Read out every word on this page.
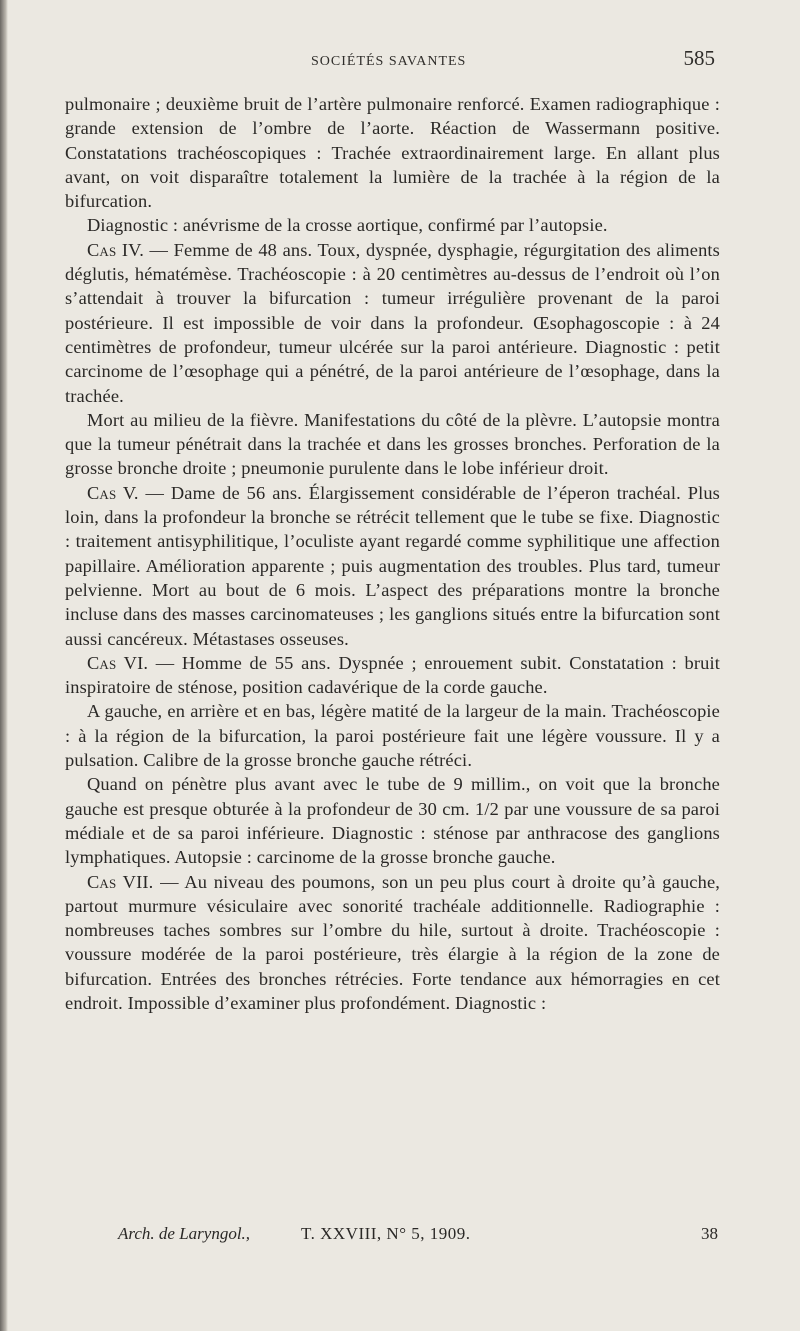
SOCIÉTÉS SAVANTES	585

pulmonaire ; deuxième bruit de l’artère pulmonaire renforcé. Examen radiographique : grande extension de l’ombre de l’aorte. Réaction de Wassermann positive. Constatations trachéoscopiques : Trachée extraordinairement large. En allant plus avant, on voit disparaître totalement la lumière de la trachée à la région de la bifurcation.

Diagnostic : anévrisme de la crosse aortique, confirmé par l’autopsie.

Cas IV. — Femme de 48 ans. Toux, dyspnée, dysphagie, régurgitation des aliments déglutis, hématémèse. Trachéoscopie : à 20 centimètres au-dessus de l’endroit où l’on s’attendait à trouver la bifurcation : tumeur irrégulière provenant de la paroi postérieure. Il est impossible de voir dans la profondeur. Œsophagoscopie : à 24 centimètres de profondeur, tumeur ulcérée sur la paroi antérieure. Diagnostic : petit carcinome de l’œsophage qui a pénétré, de la paroi antérieure de l’œsophage, dans la trachée.

Mort au milieu de la fièvre. Manifestations du côté de la plèvre. L’autopsie montra que la tumeur pénétrait dans la trachée et dans les grosses bronches. Perforation de la grosse bronche droite ; pneumonie purulente dans le lobe inférieur droit.

Cas V. — Dame de 56 ans. Élargissement considérable de l’éperon trachéal. Plus loin, dans la profondeur la bronche se rétrécit tellement que le tube se fixe. Diagnostic : traitement antisyphilitique, l’oculiste ayant regardé comme syphilitique une affection papillaire. Amélioration apparente ; puis augmentation des troubles. Plus tard, tumeur pelvienne. Mort au bout de 6 mois. L’aspect des préparations montre la bronche incluse dans des masses carcinomateuses ; les ganglions situés entre la bifurcation sont aussi cancéreux. Métastases osseuses.

Cas VI. — Homme de 55 ans. Dyspnée ; enrouement subit. Constatation : bruit inspiratoire de sténose, position cadavérique de la corde gauche.

A gauche, en arrière et en bas, légère matité de la largeur de la main. Trachéoscopie : à la région de la bifurcation, la paroi postérieure fait une légère voussure. Il y a pulsation. Calibre de la grosse bronche gauche rétréci.

Quand on pénètre plus avant avec le tube de 9 millim., on voit que la bronche gauche est presque obturée à la profondeur de 30 cm. 1/2 par une voussure de sa paroi médiale et de sa paroi inférieure. Diagnostic : sténose par anthracose des ganglions lymphatiques. Autopsie : carcinome de la grosse bronche gauche.

Cas VII. — Au niveau des poumons, son un peu plus court à droite qu’à gauche, partout murmure vésiculaire avec sonorité trachéale additionnelle. Radiographie : nombreuses taches sombres sur l’ombre du hile, surtout à droite. Trachéoscopie : voussure modérée de la paroi postérieure, très élargie à la région de la zone de bifurcation. Entrées des bronches rétrécies. Forte tendance aux hémorragies en cet endroit. Impossible d’examiner plus profondément. Diagnostic :

Arch. de Laryngol.,	T. XXVIII, N° 5, 1909.	38
